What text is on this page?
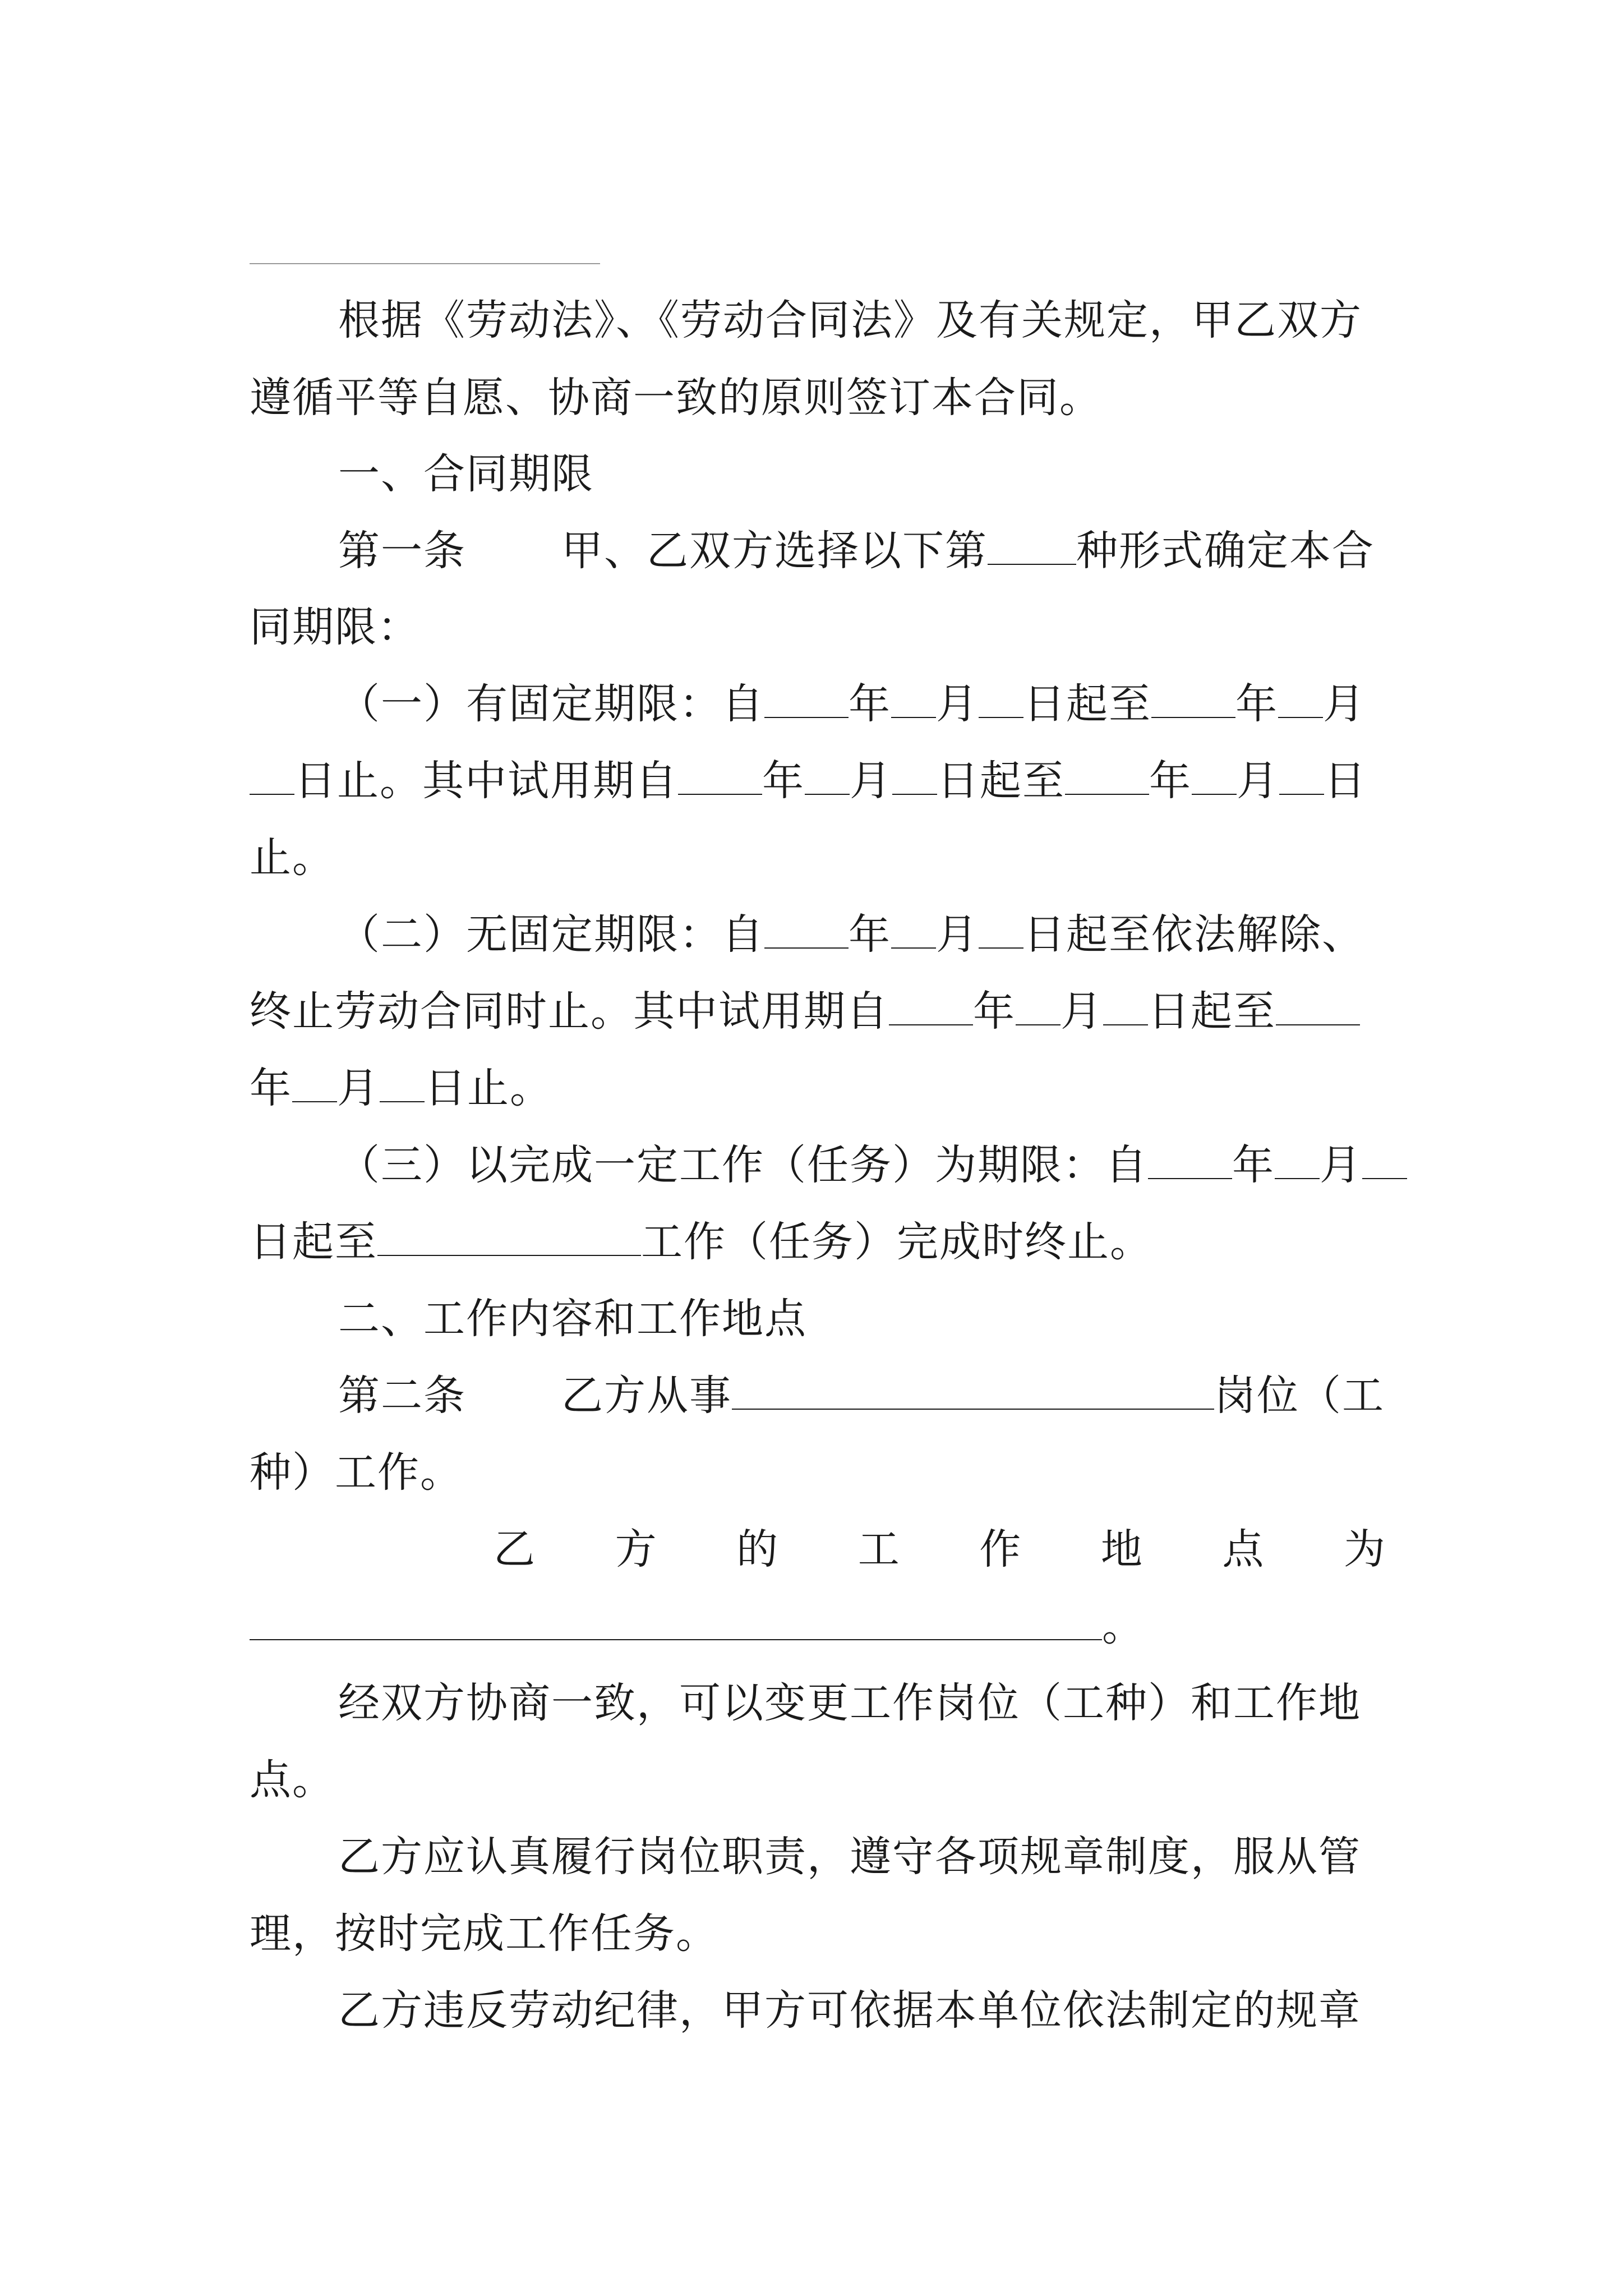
根据《劳动法》、《劳动合同法》及有关规定，甲乙双方
遵循平等自愿、协商一致的原则签订本合同。
一、合同期限
第一条 甲、乙双方选择以下第 种形式确定本合
同期限：
（一）有固定期限：自 年 月 日起至 年 月
日止。其中试用期自 年 月 日起至 年 月 日
止。
（二）无固定期限：自 年 月 日起至依法解除、
终止劳动合同时止。其中试用期自 年 月 日起至
年 月 日止。
（三）以完成一定工作（任务）为期限：自 年 月
日起至	工作（任务）完成时终止。
二、工作内容和工作地点
第二条 乙方从事	岗位（工
种）工作。
乙 方 的 工 作 地 点 为
。
经双方协商一致，可以变更工作岗位（工种）和工作地
点。
乙方应认真履行岗位职责，遵守各项规章制度，服从管
理，按时完成工作任务。
乙方违反劳动纪律，甲方可依据本单位依法制定的规章
